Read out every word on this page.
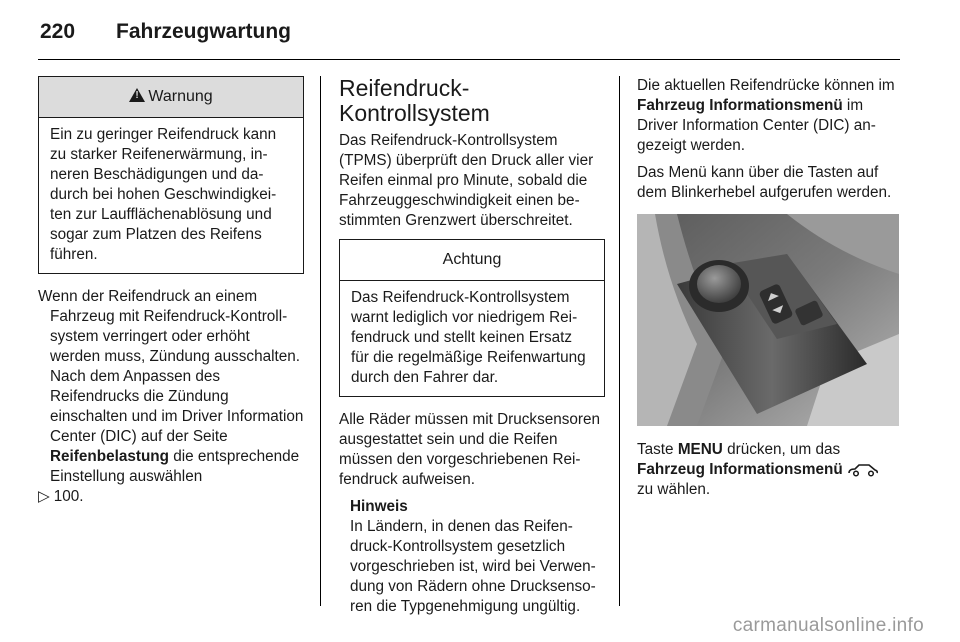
220 Fahrzeugwartung
!Warnung

Ein zu geringer Reifendruck kann zu starker Reifenerwärmung, inneren Beschädigungen und dadurch bei hohen Geschwindigkeiten zur Laufflächenablösung und sogar zum Platzen des Reifens führen.

Wenn der Reifendruck an einem Fahrzeug mit Reifendruck-Kontrollsystem verringert oder erhöht werden muss, Zündung ausschalten. Nach dem Anpassen des Reifendrucks die Zündung einschalten und im Driver Information Center (DIC) auf der Seite Reifenbelastung die entsprechende Einstellung auswählen

▷ 100.

Reifendruck-Kontrollsystem

Das Reifendruck-Kontrollsystem (TPMS) überprüft den Druck aller vier Reifen einmal pro Minute, sobald die Fahrzeuggeschwindigkeit einen bestimmten Grenzwert überschreitet.

Achtung

Das Reifendruck-Kontrollsystem warnt lediglich vor niedrigem Reifendruck und stellt keinen Ersatz für die regelmäßige Reifenwartung durch den Fahrer dar.

Alle Räder müssen mit Drucksensoren ausgestattet sein und die Reifen müssen den vorgeschriebenen Reifendruck aufweisen.

Hinweis

In Ländern, in denen das Reifendruck-Kontrollsystem gesetzlich vorgeschrieben ist, wird bei Verwendung von Rädern ohne Drucksensoren die Typgenehmigung ungültig.

Die aktuellen Reifendrücke können im Fahrzeug Informationsmenü im Driver Information Center (DIC) angezeigt werden.

Das Menü kann über die Tasten auf dem Blinkerhebel aufgerufen werden.

Taste MENU drücken, um das Fahrzeug Informationsmenü zu wählen.

carmanualsonline.info
